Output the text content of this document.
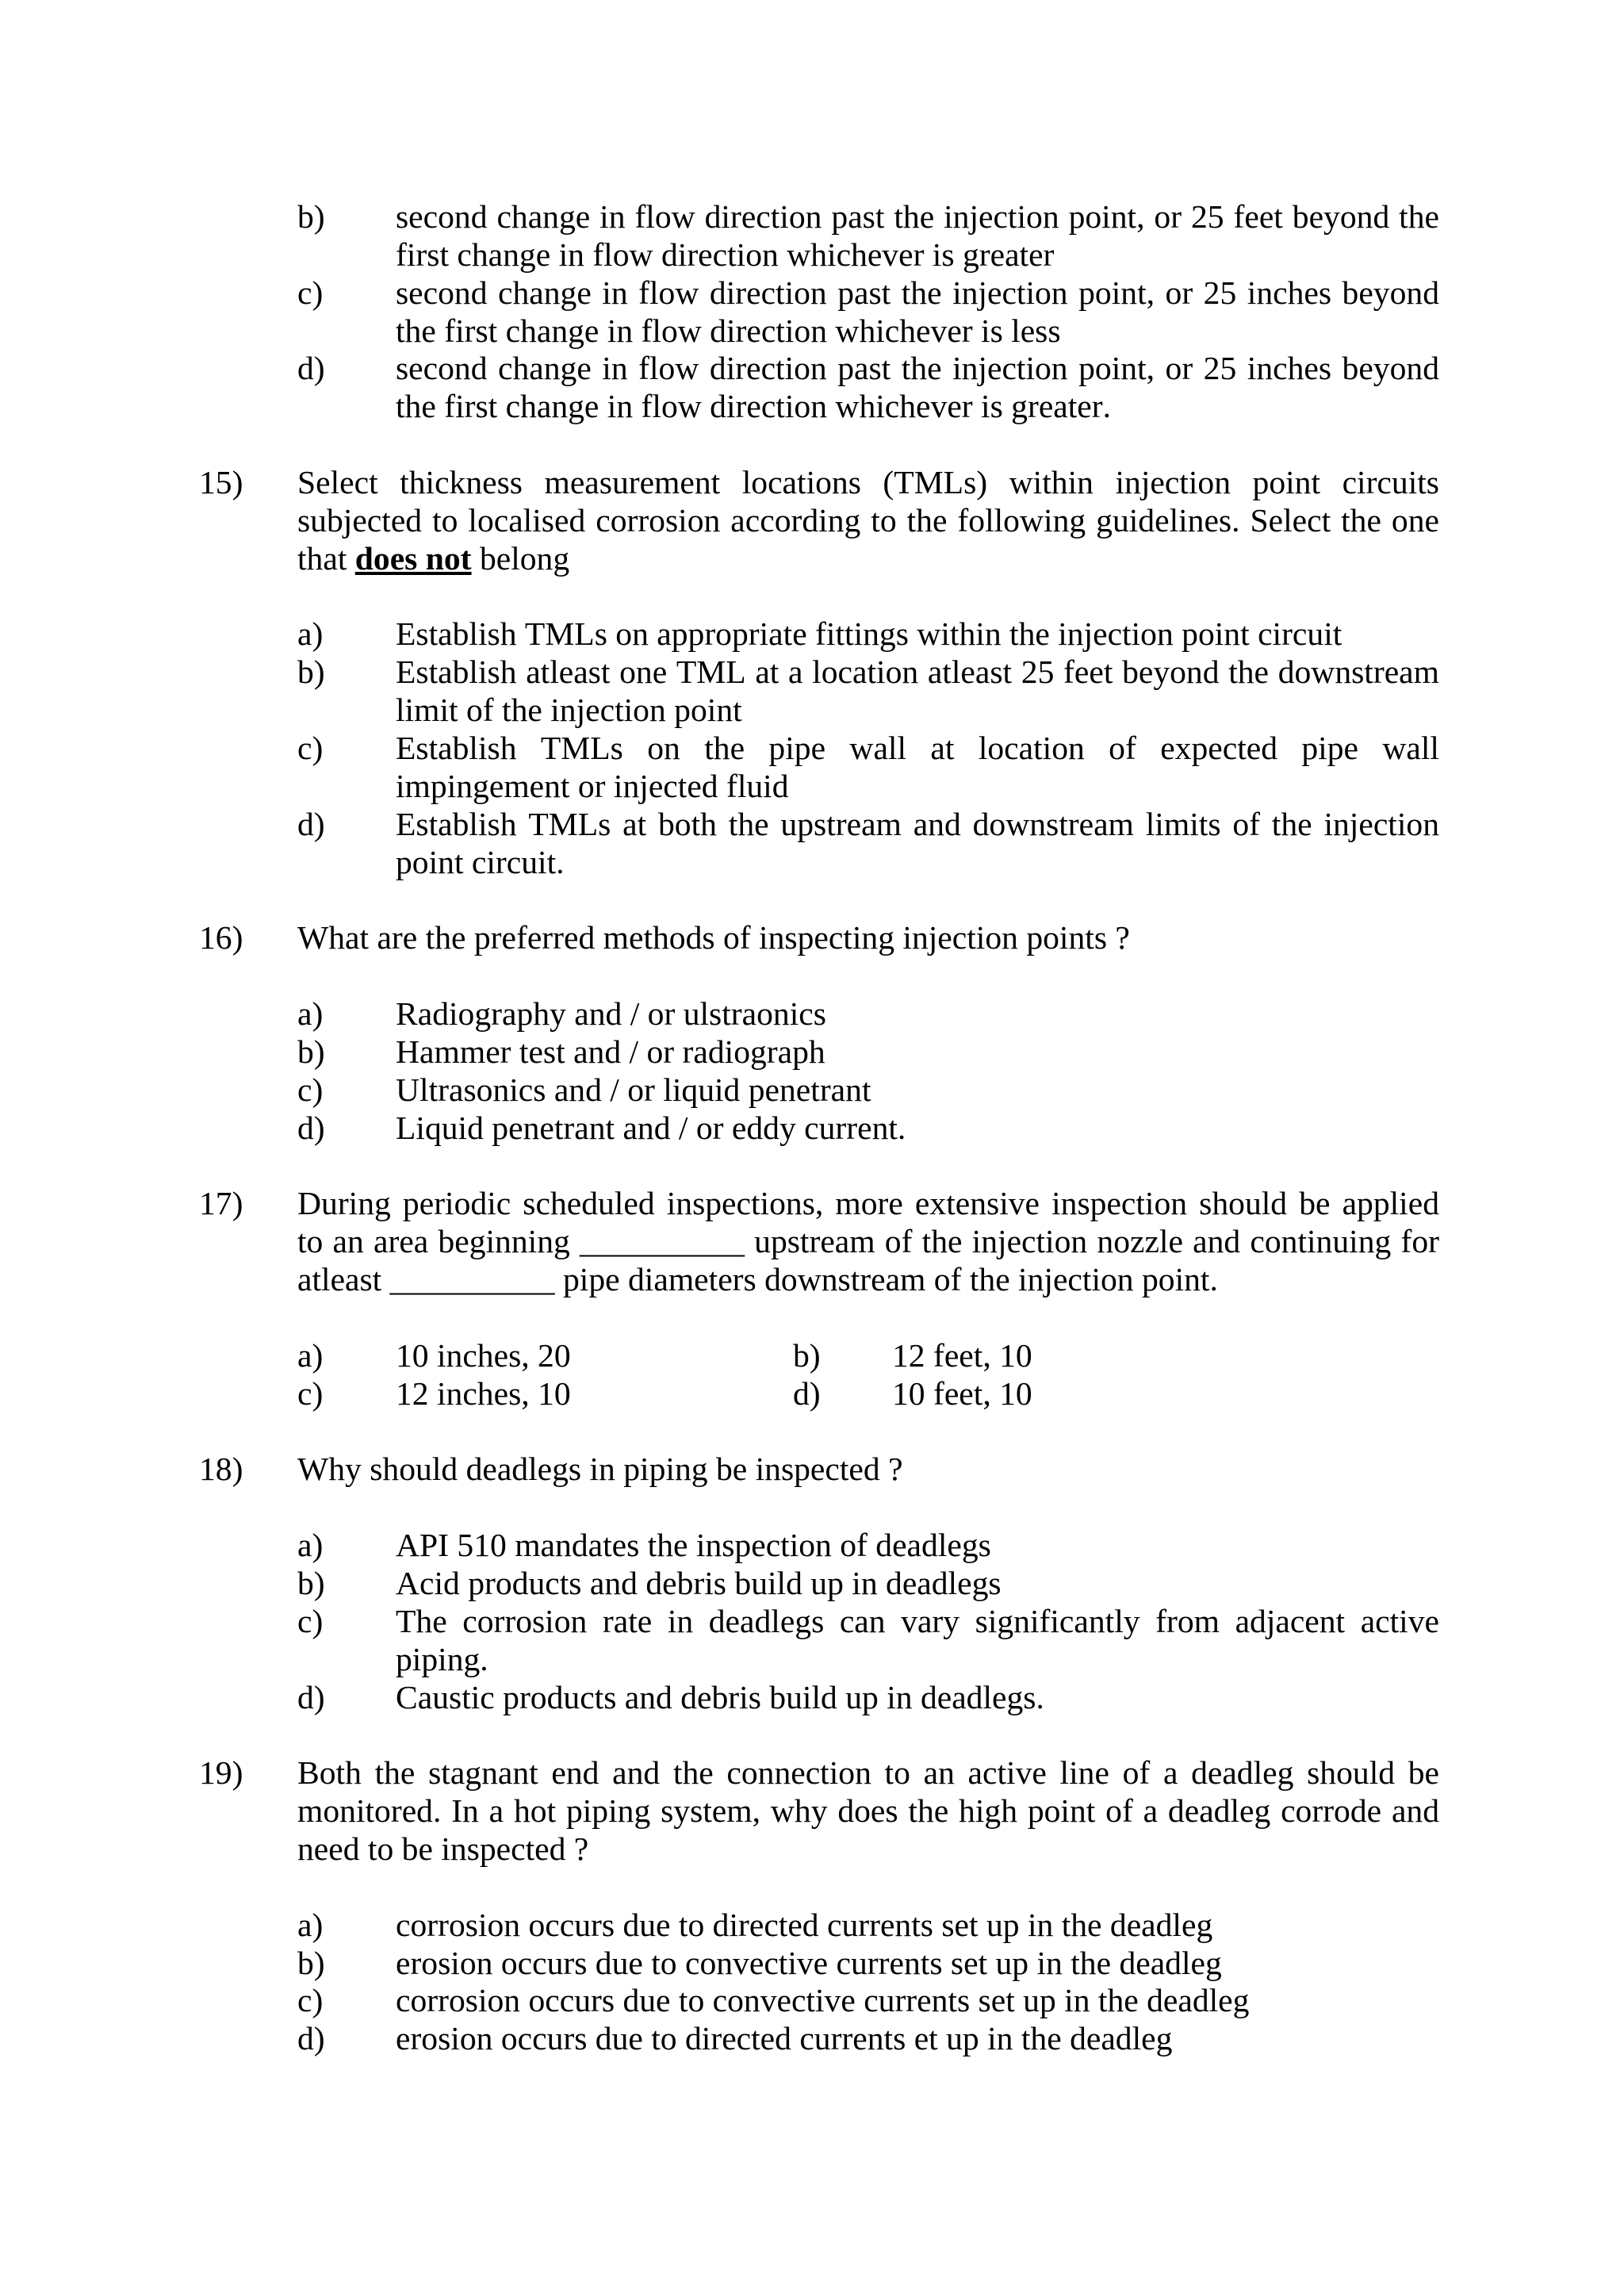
b)	second change in flow direction past the injection point, or 25 feet beyond the
first change in flow direction whichever is greater
c)	second change in flow direction past the injection point, or 25 inches beyond
the first change in flow direction whichever is less
d)	second change in flow direction past the injection point, or 25 inches beyond
the first change in flow direction whichever is greater.
15)	Select thickness measurement locations (TMLs) within injection point circuits
subjected to localised corrosion according to the following guidelines. Select the one
that does not belong
a)	Establish TMLs on appropriate fittings within the injection point circuit
b)	Establish atleast one TML at a location atleast 25 feet beyond the downstream
limit of the injection point
c)	Establish TMLs on the pipe wall at location of expected pipe wall
impingement or injected fluid
d)	Establish TMLs at both the upstream and downstream limits of the injection
point circuit.
16)	What are the preferred methods of inspecting injection points ?
a)	Radiography and / or ulstraonics
b)	Hammer test and / or radiograph
c)	Ultrasonics and / or liquid penetrant
d)	Liquid penetrant and / or eddy current.
17)	During periodic scheduled inspections, more extensive inspection should be applied
to an area beginning __________ upstream of the injection nozzle and continuing for
atleast __________ pipe diameters downstream of the injection point.
a)	10 inches, 20	b)	12 feet, 10
c)	12 inches, 10	d)	10 feet, 10
18)	Why should deadlegs in piping be inspected ?
a)	API 510 mandates the inspection of deadlegs
b)	Acid products and debris build up in deadlegs
c)	The corrosion rate in deadlegs can vary significantly from adjacent active
piping.
d)	Caustic products and debris build up in deadlegs.
19)	Both the stagnant end and the connection to an active line of a deadleg should be
monitored. In a hot piping system, why does the high point of a deadleg corrode and
need to be inspected ?
a)	corrosion occurs due to directed currents set up in the deadleg
b)	erosion occurs due to convective currents set up in the deadleg
c)	corrosion occurs due to convective currents set up in the deadleg
d)	erosion occurs due to directed currents et up in the deadleg
